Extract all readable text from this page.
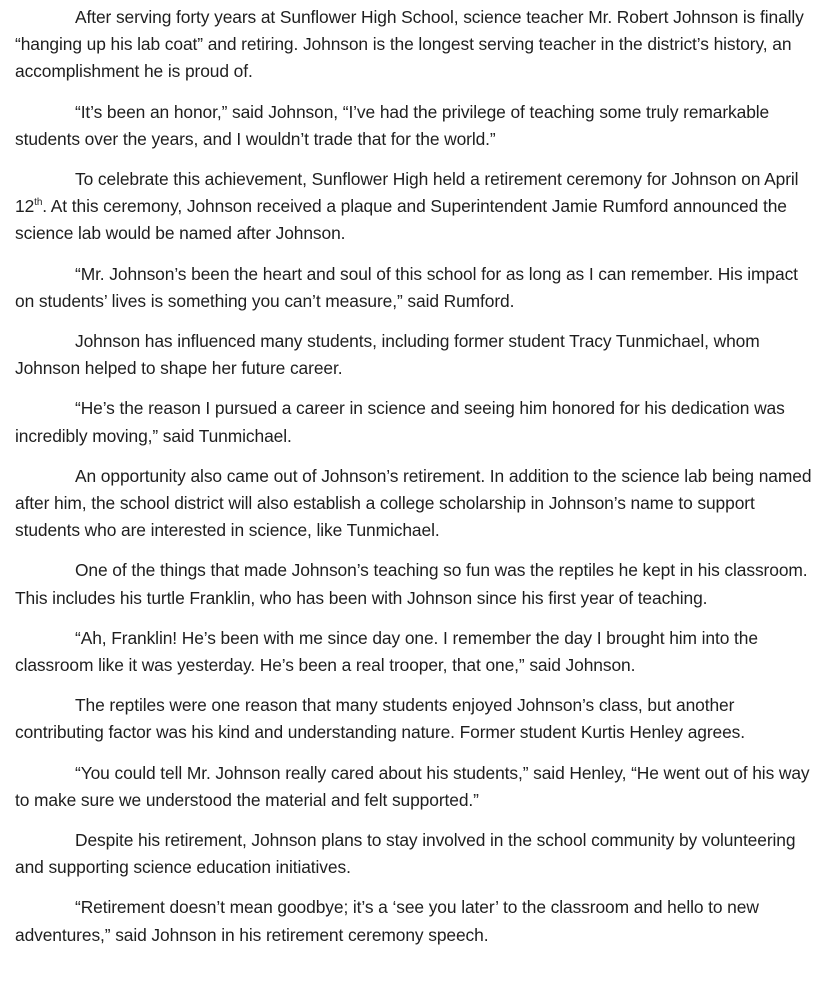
After serving forty years at Sunflower High School, science teacher Mr. Robert Johnson is finally “hanging up his lab coat” and retiring. Johnson is the longest serving teacher in the district’s history, an accomplishment he is proud of.

“It’s been an honor,” said Johnson, “I’ve had the privilege of teaching some truly remarkable students over the years, and I wouldn’t trade that for the world.”

To celebrate this achievement, Sunflower High held a retirement ceremony for Johnson on April 12th. At this ceremony, Johnson received a plaque and Superintendent Jamie Rumford announced the science lab would be named after Johnson.

“Mr. Johnson’s been the heart and soul of this school for as long as I can remember. His impact on students’ lives is something you can’t measure,” said Rumford.

Johnson has influenced many students, including former student Tracy Tunmichael, whom Johnson helped to shape her future career.

“He’s the reason I pursued a career in science and seeing him honored for his dedication was incredibly moving,” said Tunmichael.

An opportunity also came out of Johnson’s retirement. In addition to the science lab being named after him, the school district will also establish a college scholarship in Johnson’s name to support students who are interested in science, like Tunmichael.

One of the things that made Johnson’s teaching so fun was the reptiles he kept in his classroom. This includes his turtle Franklin, who has been with Johnson since his first year of teaching.

“Ah, Franklin! He’s been with me since day one. I remember the day I brought him into the classroom like it was yesterday. He’s been a real trooper, that one,” said Johnson.

The reptiles were one reason that many students enjoyed Johnson’s class, but another contributing factor was his kind and understanding nature. Former student Kurtis Henley agrees.

“You could tell Mr. Johnson really cared about his students,” said Henley, “He went out of his way to make sure we understood the material and felt supported.”

Despite his retirement, Johnson plans to stay involved in the school community by volunteering and supporting science education initiatives.

“Retirement doesn’t mean goodbye; it’s a ‘see you later’ to the classroom and hello to new adventures,” said Johnson in his retirement ceremony speech.
